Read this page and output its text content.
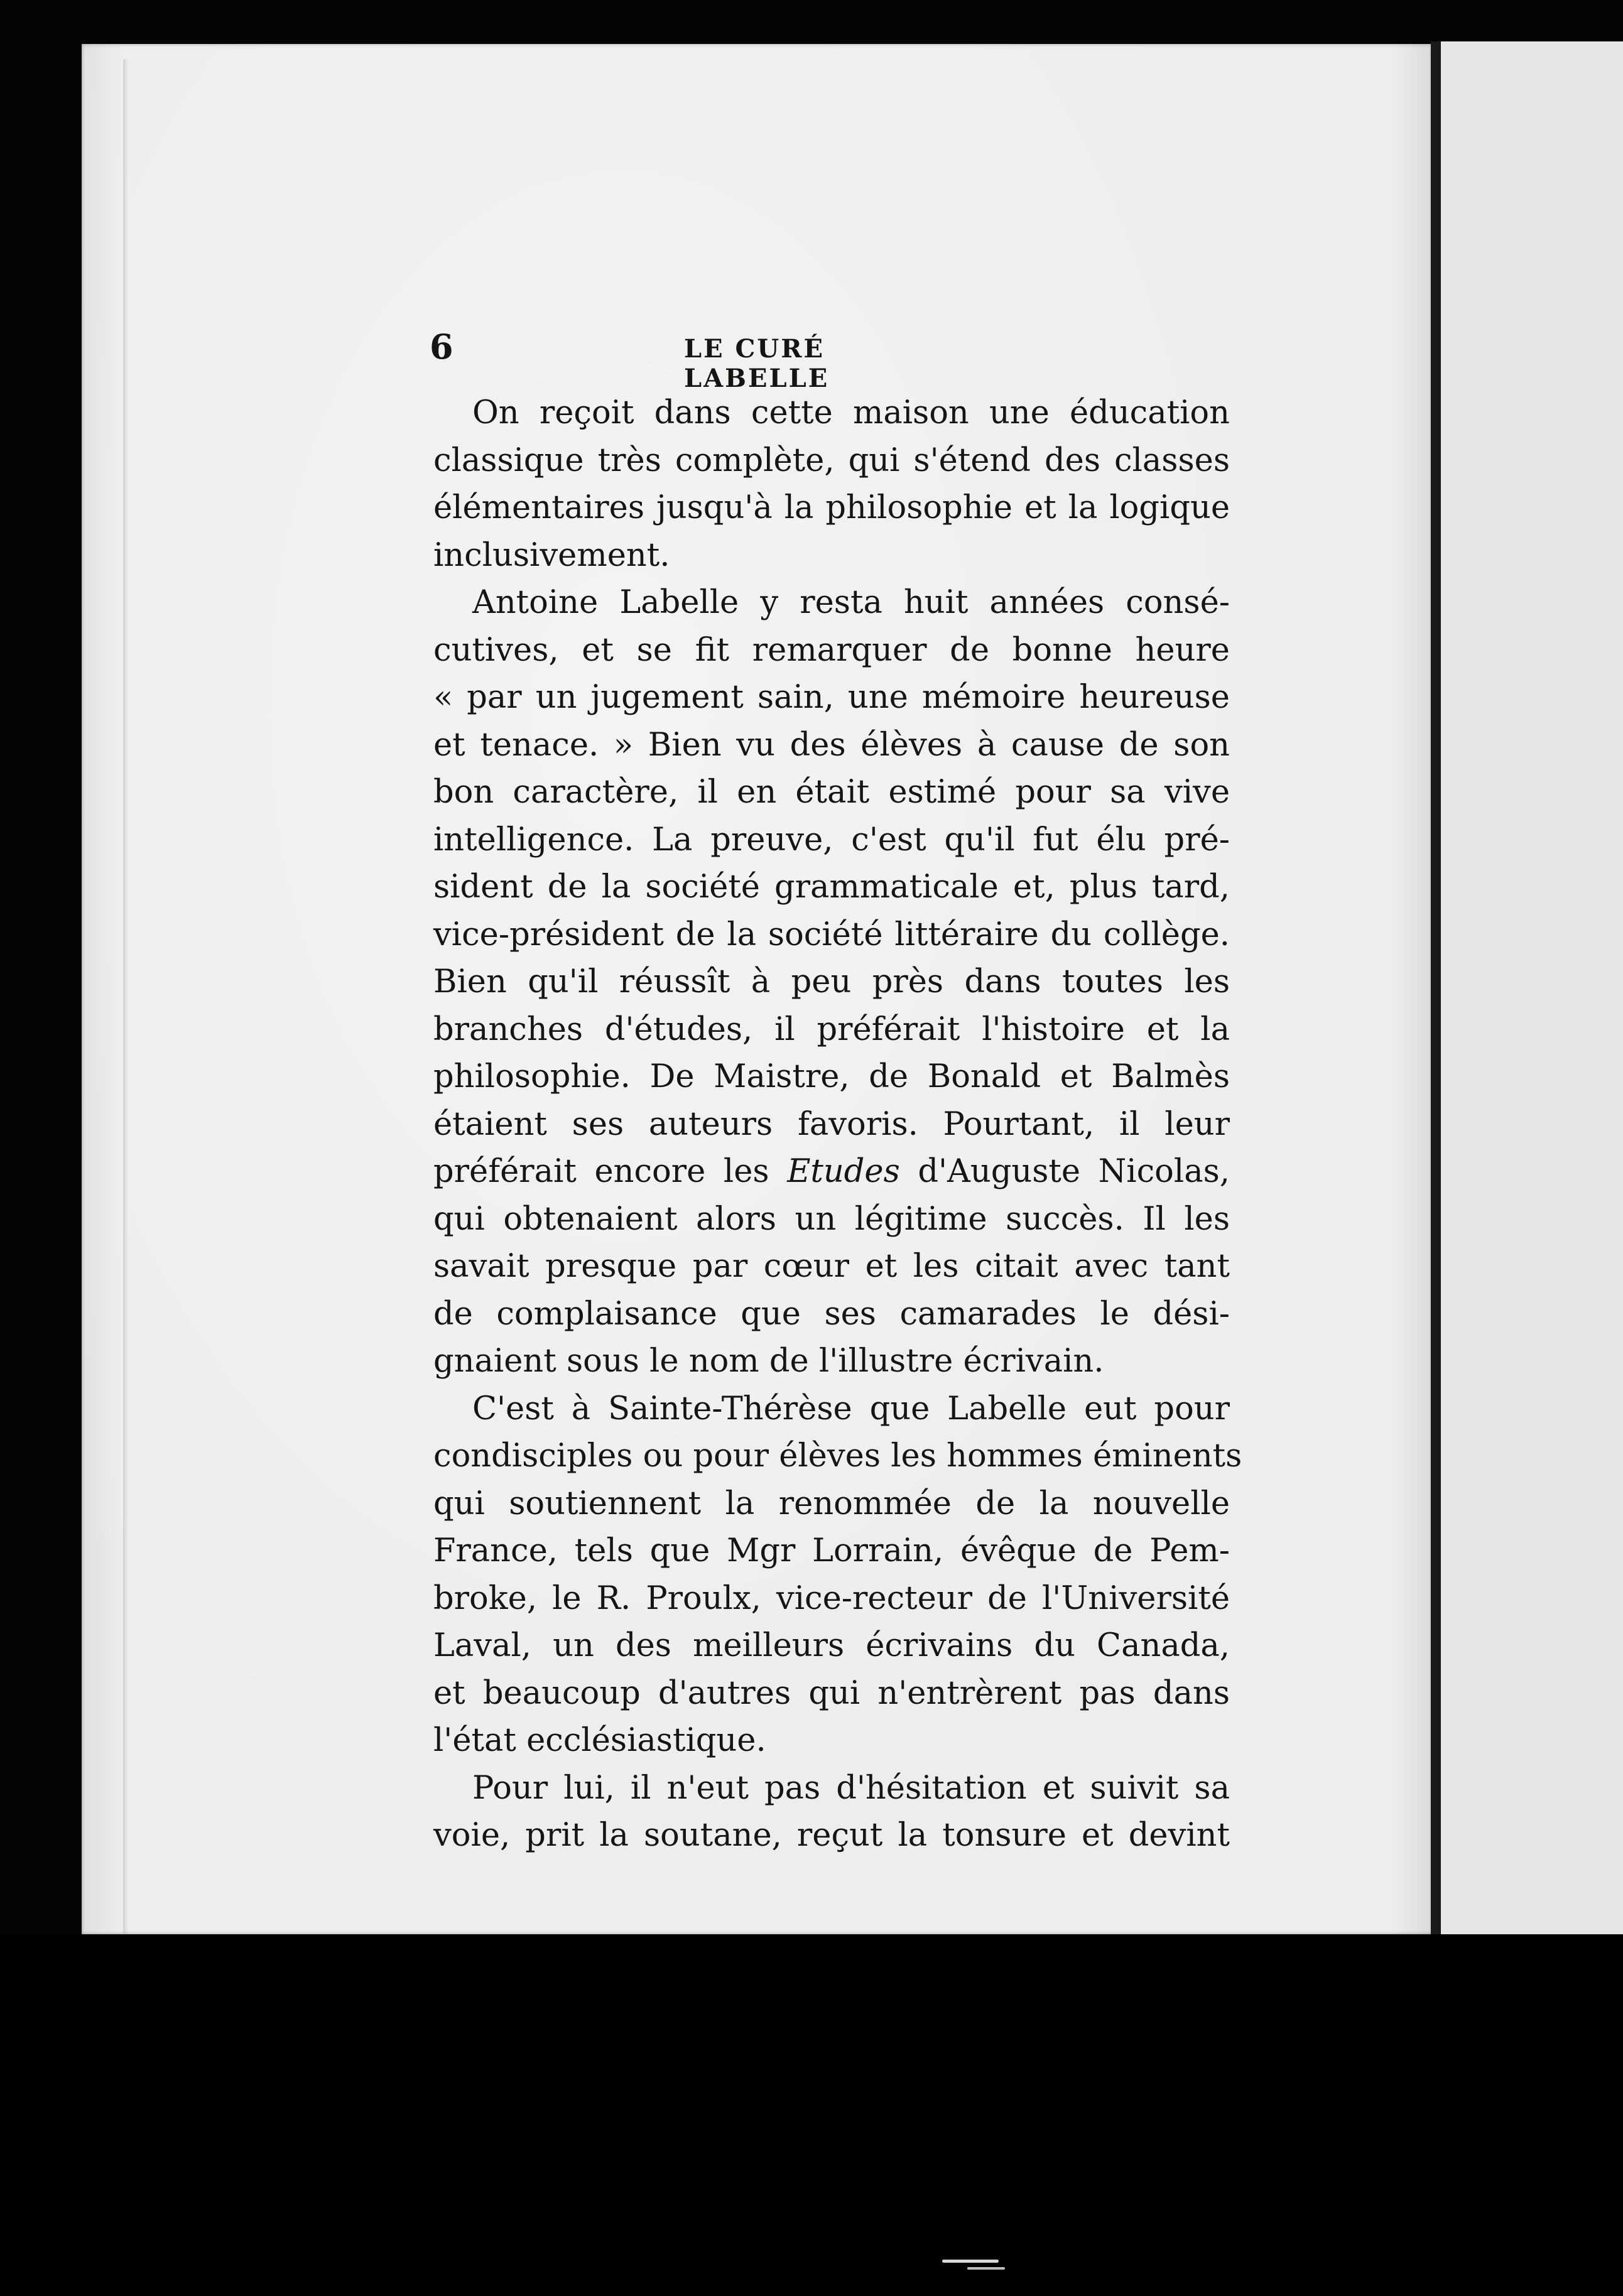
6	LE CURÉ LABELLE
On reçoit dans cette maison une éducation
classique très complète, qui s'étend des classes
élémentaires jusqu'à la philosophie et la logique
inclusivement.
Antoine Labelle y resta huit années consé-
cutives, et se fit remarquer de bonne heure
« par un jugement sain, une mémoire heureuse
et tenace. » Bien vu des élèves à cause de son
bon caractère, il en était estimé pour sa vive
intelligence. La preuve, c'est qu'il fut élu pré-
sident de la société grammaticale et, plus tard,
vice-président de la société littéraire du collège.
Bien qu'il réussît à peu près dans toutes les
branches d'études, il préférait l'histoire et la
philosophie. De Maistre, de Bonald et Balmès
étaient ses auteurs favoris. Pourtant, il leur
préférait encore les Etudes d'Auguste Nicolas,
qui obtenaient alors un légitime succès. Il les
savait presque par cœur et les citait avec tant
de complaisance que ses camarades le dési-
gnaient sous le nom de l'illustre écrivain.
C'est à Sainte-Thérèse que Labelle eut pour
condisciples ou pour élèves les hommes éminents
qui soutiennent la renommée de la nouvelle
France, tels que Mgr Lorrain, évêque de Pem-
broke, le R. Proulx, vice-recteur de l'Université
Laval, un des meilleurs écrivains du Canada,
et beaucoup d'autres qui n'entrèrent pas dans
l'état ecclésiastique.
Pour lui, il n'eut pas d'hésitation et suivit sa
voie, prit la soutane, reçut la tonsure et devint
